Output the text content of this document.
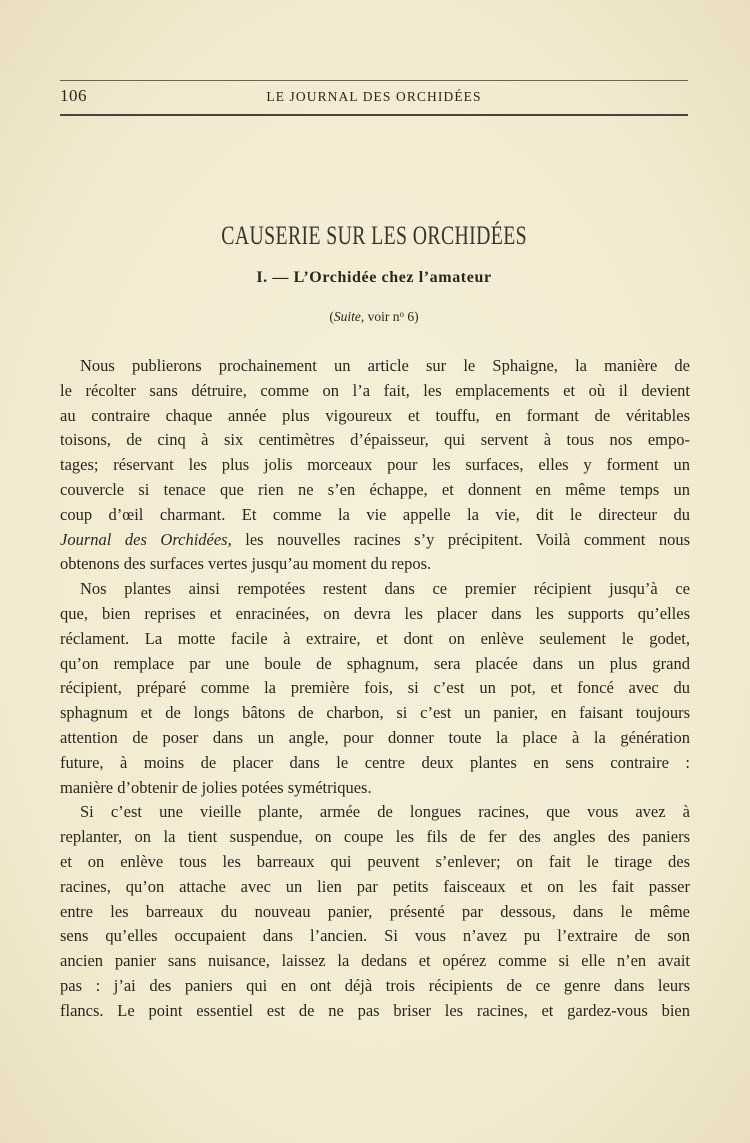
106	LE JOURNAL DES ORCHIDÉES
CAUSERIE SUR LES ORCHIDÉES
I. — L’Orchidée chez l’amateur
(Suite, voir $n^o$ 6)
Nous publierons prochainement un article sur le Sphaigne, la manière de
le récolter sans détruire, comme on l’a fait, les emplacements et où il devient
au contraire chaque année plus vigoureux et touffu, en formant de véritables
toisons, de cinq à six centimètres d’épaisseur, qui servent à tous nos empo-
tages; réservant les plus jolis morceaux pour les surfaces, elles y forment un
couvercle si tenace que rien ne s’en échappe, et donnent en même temps un
coup d’œil charmant. Et comme la vie appelle la vie, dit le directeur du
Journal des Orchidées, les nouvelles racines s’y précipitent. Voilà comment nous
obtenons des surfaces vertes jusqu’au moment du repos.
Nos plantes ainsi rempotées restent dans ce premier récipient jusqu’à ce
que, bien reprises et enracinées, on devra les placer dans les supports qu’elles
réclament. La motte facile à extraire, et dont on enlève seulement le godet,
qu’on remplace par une boule de sphagnum, sera placée dans un plus grand
récipient, préparé comme la première fois, si c’est un pot, et foncé avec du
sphagnum et de longs bâtons de charbon, si c’est un panier, en faisant toujours
attention de poser dans un angle, pour donner toute la place à la génération
future, à moins de placer dans le centre deux plantes en sens contraire :
manière d’obtenir de jolies potées symétriques.
Si c’est une vieille plante, armée de longues racines, que vous avez à
replanter, on la tient suspendue, on coupe les fils de fer des angles des paniers
et on enlève tous les barreaux qui peuvent s’enlever; on fait le tirage des
racines, qu’on attache avec un lien par petits faisceaux et on les fait passer
entre les barreaux du nouveau panier, présenté par dessous, dans le même
sens qu’elles occupaient dans l’ancien. Si vous n’avez pu l’extraire de son
ancien panier sans nuisance, laissez la dedans et opérez comme si elle n’en avait
pas : j’ai des paniers qui en ont déjà trois récipients de ce genre dans leurs
flancs. Le point essentiel est de ne pas briser les racines, et gardez-vous bien
